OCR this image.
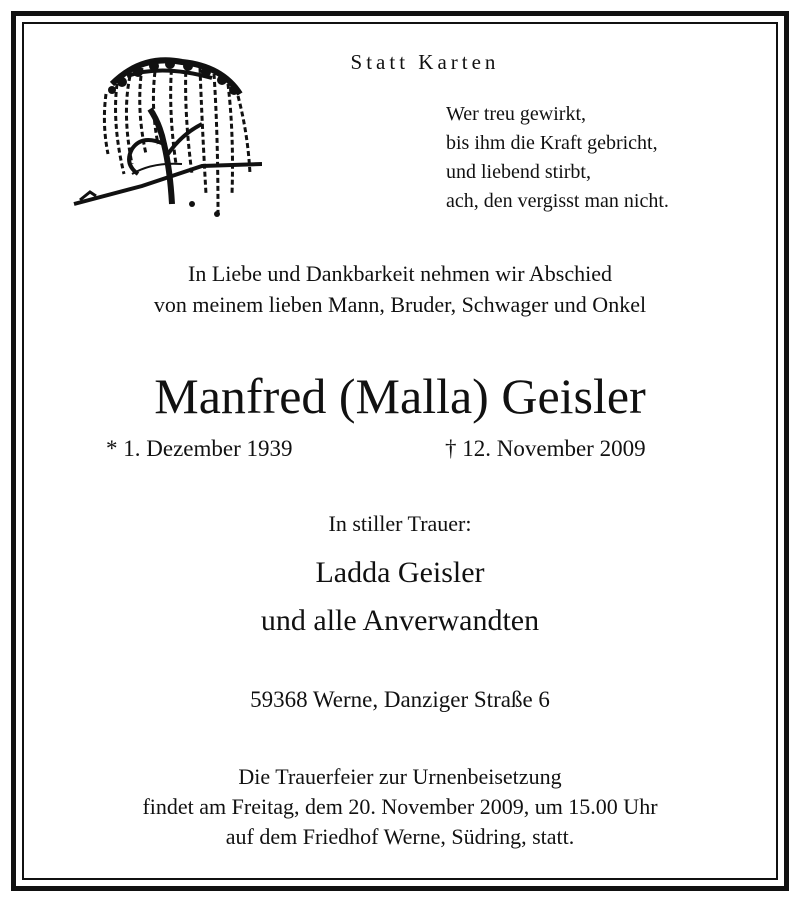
Statt Karten

Wer treu gewirkt,
bis ihm die Kraft gebricht,
und liebend stirbt,
ach, den vergisst man nicht.
In Liebe und Dankbarkeit nehmen wir Abschied
von meinem lieben Mann, Bruder, Schwager und Onkel

Manfred (Malla) Geisler

* 1. Dezember 1939	† 12. November 2009

In stiller Trauer:

Ladda Geisler

und alle Anverwandten

59368 Werne, Danziger Straße 6

Die Trauerfeier zur Urnenbeisetzung
findet am Freitag, dem 20. November 2009, um 15.00 Uhr
auf dem Friedhof Werne, Südring, statt.
